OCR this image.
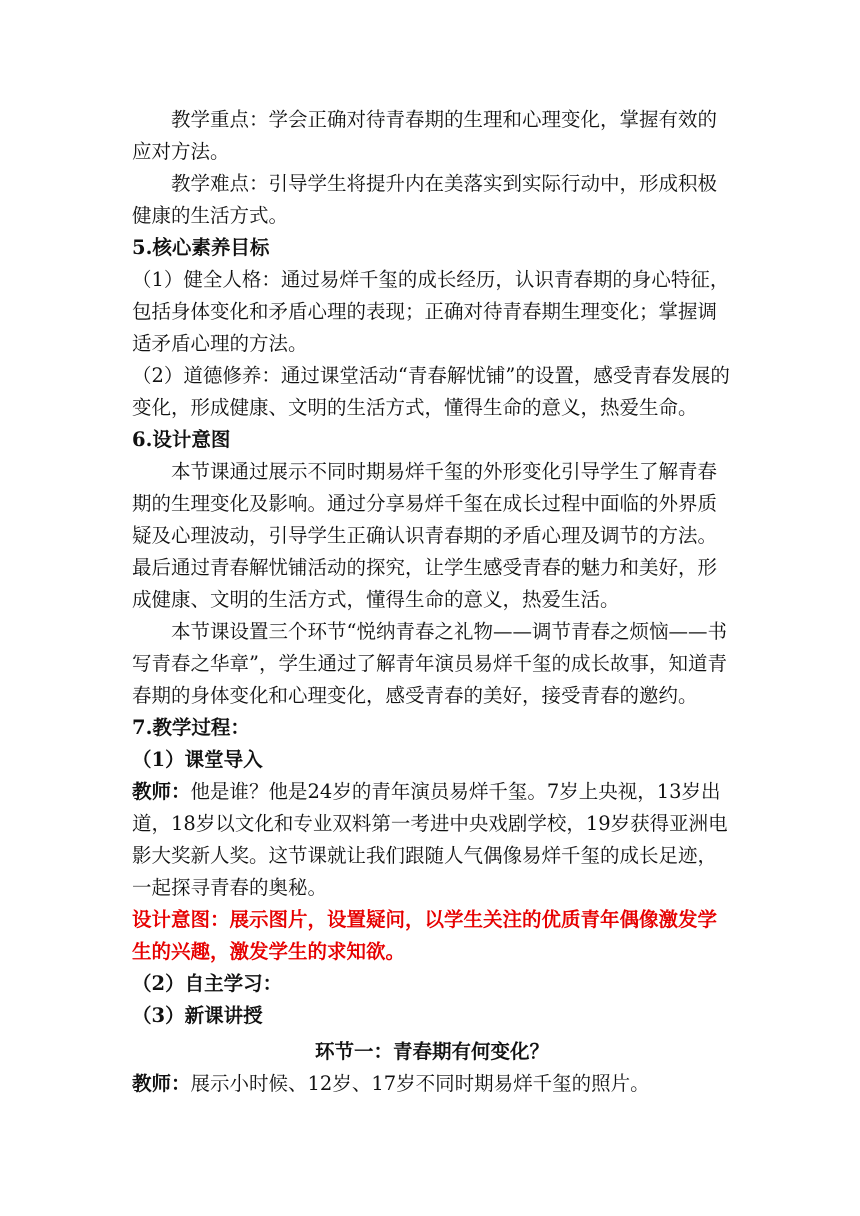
教学重点：学会正确对待青春期的生理和心理变化，掌握有效的应对方法。

教学难点：引导学生将提升内在美落实到实际行动中，形成积极健康的生活方式。

5.核心素养目标

（1）健全人格：通过易烊千玺的成长经历，认识青春期的身心特征，包括身体变化和矛盾心理的表现；正确对待青春期生理变化；掌握调适矛盾心理的方法。

（2）道德修养：通过课堂活动“青春解忧铺”的设置，感受青春发展的变化，形成健康、文明的生活方式，懂得生命的意义，热爱生命。

6.设计意图

本节课通过展示不同时期易烊千玺的外形变化引导学生了解青春期的生理变化及影响。通过分享易烊千玺在成长过程中面临的外界质疑及心理波动，引导学生正确认识青春期的矛盾心理及调节的方法。最后通过青春解忧铺活动的探究，让学生感受青春的魅力和美好，形成健康、文明的生活方式，懂得生命的意义，热爱生活。

本节课设置三个环节“悦纳青春之礼物——调节青春之烦恼——书写青春之华章”，学生通过了解青年演员易烊千玺的成长故事，知道青春期的身体变化和心理变化，感受青春的美好，接受青春的邀约。

7.教学过程：

（1）课堂导入

教师：他是谁？他是24岁的青年演员易烊千玺。7岁上央视，13岁出道，18岁以文化和专业双料第一考进中央戏剧学校，19岁获得亚洲电影大奖新人奖。这节课就让我们跟随人气偶像易烊千玺的成长足迹，一起探寻青春的奥秘。

设计意图：展示图片，设置疑问，以学生关注的优质青年偶像激发学生的兴趣，激发学生的求知欲。

（2）自主学习：

（3）新课讲授

环节一：青春期有何变化？

教师：展示小时候、12岁、17岁不同时期易烊千玺的照片。
